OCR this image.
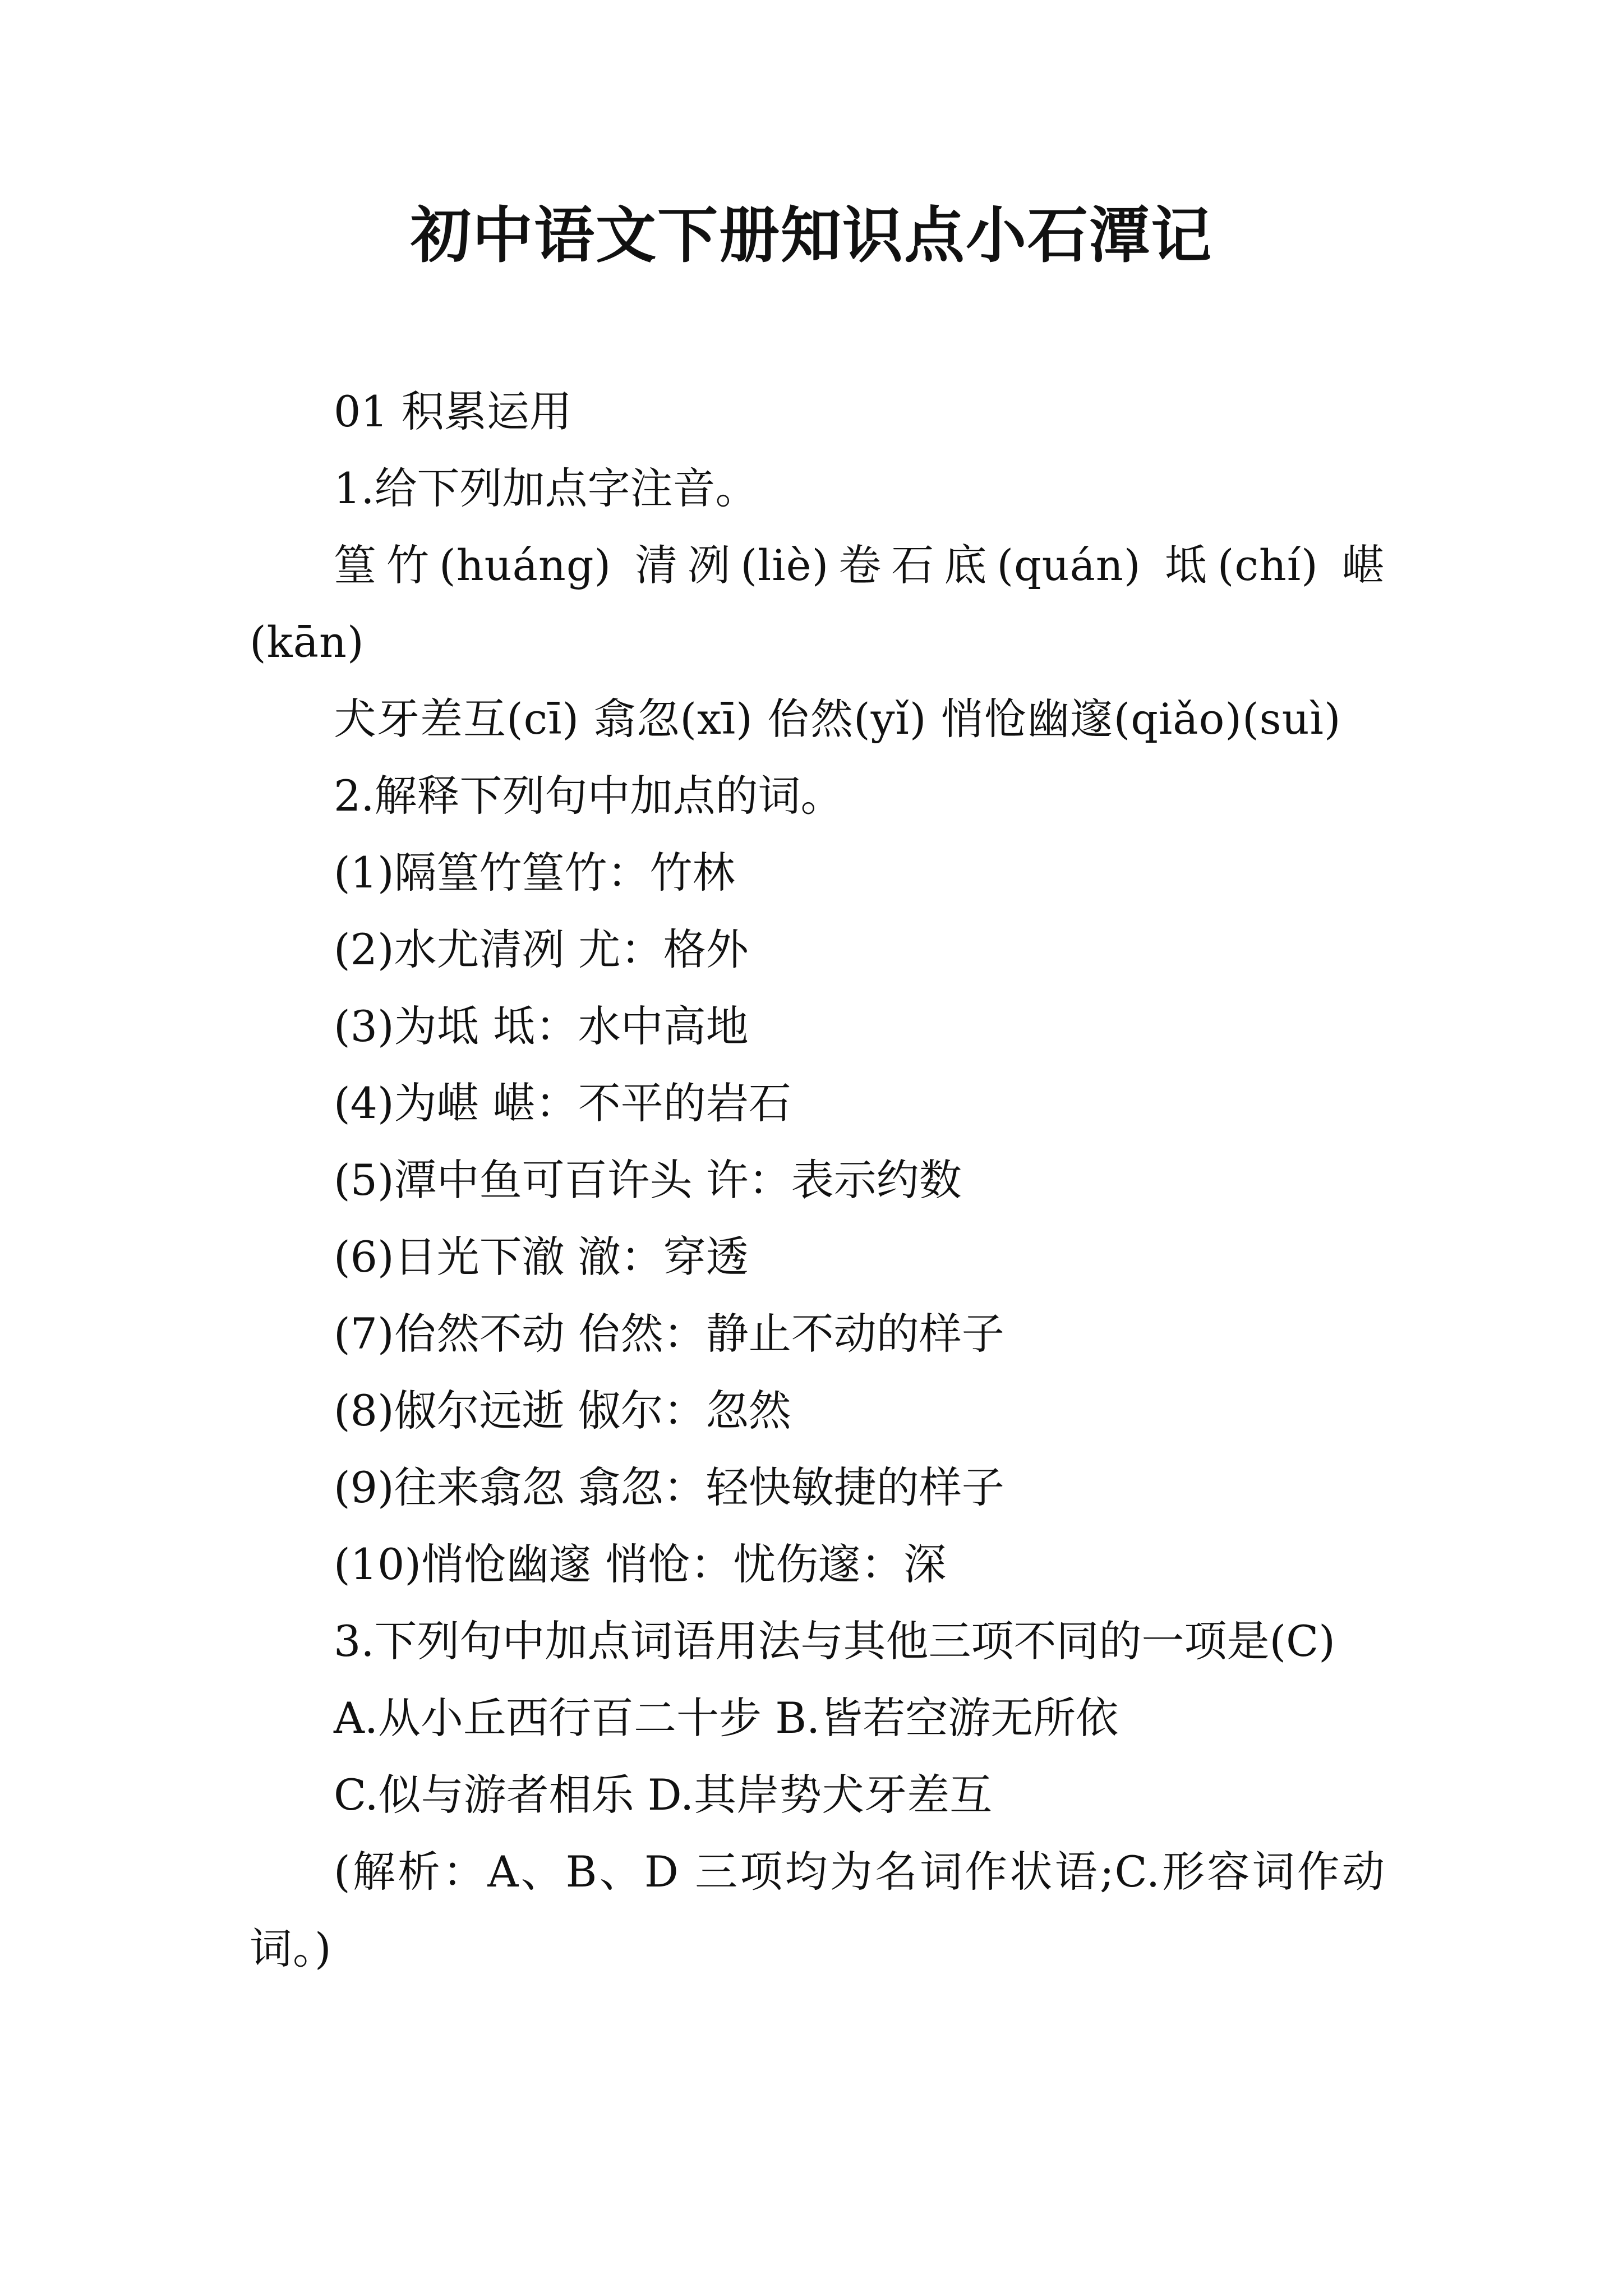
初中语文下册知识点小石潭记

01 积累运用

1.给下列加点字注音。

篁竹(huáng) 清冽(liè)卷石底(quán) 坻(chí) 嵁(kān)

犬牙差互(cī) 翕忽(xī) 佁然(yǐ) 悄怆幽邃(qiǎo)(suì)

2.解释下列句中加点的词。

(1)隔篁竹篁竹：竹林

(2)水尤清冽 尤：格外

(3)为坻 坻：水中高地

(4)为嵁 嵁：不平的岩石

(5)潭中鱼可百许头 许：表示约数

(6)日光下澈 澈：穿透

(7)佁然不动 佁然：静止不动的样子

(8)俶尔远逝 俶尔：忽然

(9)往来翕忽 翕忽：轻快敏捷的样子

(10)悄怆幽邃 悄怆：忧伤邃：深

3.下列句中加点词语用法与其他三项不同的一项是(C)

A.从小丘西行百二十步 B.皆若空游无所依

C.似与游者相乐 D.其岸势犬牙差互

(解析：A、B、D 三项均为名词作状语;C.形容词作动词。)
